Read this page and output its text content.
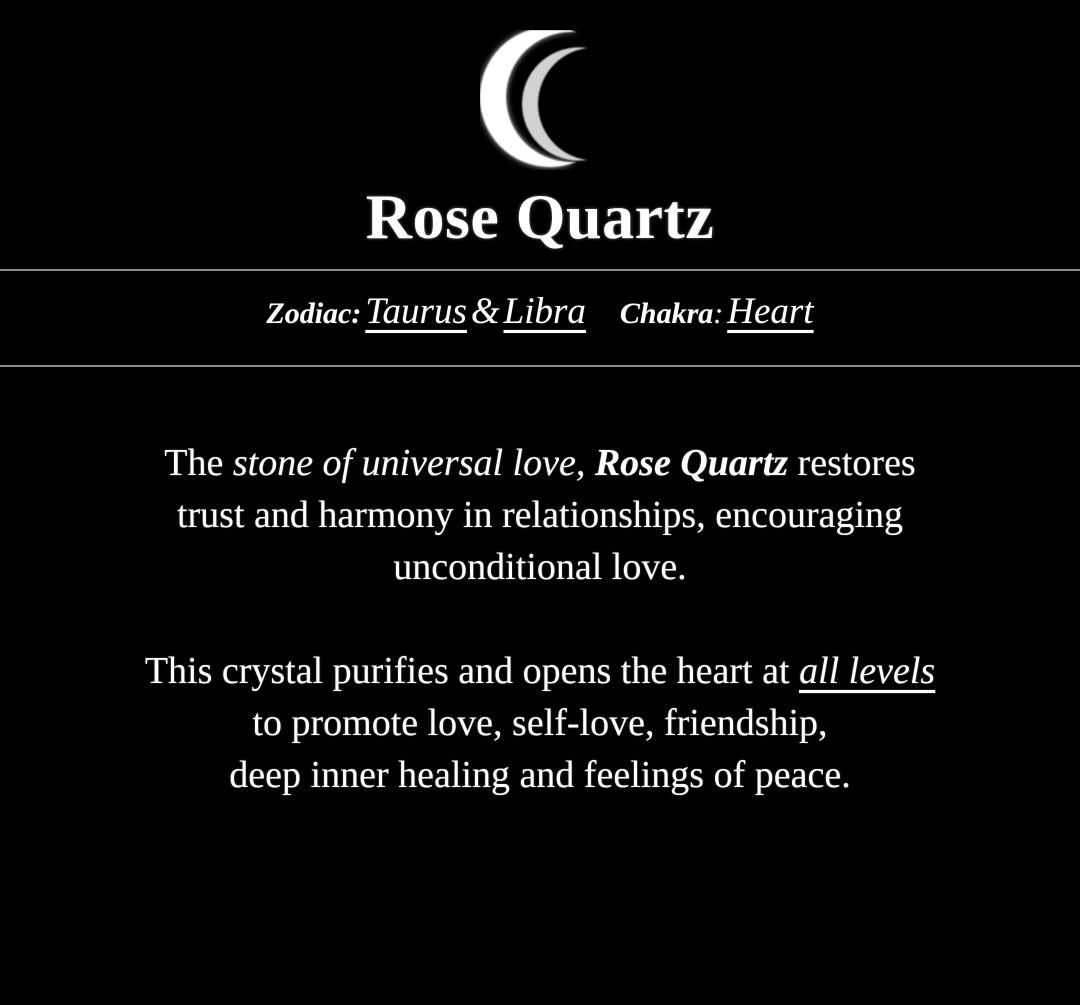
Rose Quartz
Zodiac: Taurus & Libra Chakra: Heart

The stone of universal love, Rose Quartz restores

trust and harmony in relationships, encouraging

unconditional love.

This crystal purifies and opens the heart at all levels

to promote love, self-love, friendship,

deep inner healing and feelings of peace.
